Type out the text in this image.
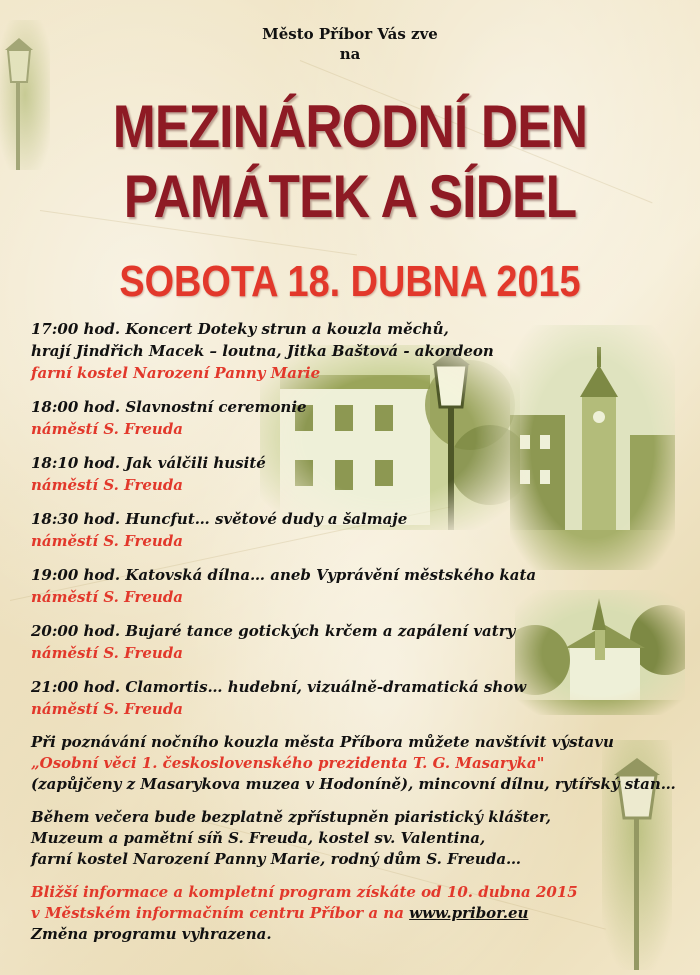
Město Příbor Vás zve
na
MEZINÁRODNÍ DEN
PAMÁTEK A SÍDEL
SOBOTA 18. DUBNA 2015
17:00 hod. Koncert Doteky strun a kouzla měchů,
hrají Jindřich Macek – loutna, Jitka Baštová - akordeon
farní kostel Narození Panny Marie
18:00 hod. Slavnostní ceremonie
náměstí S. Freuda
18:10 hod. Jak válčili husité
náměstí S. Freuda
18:30 hod. Huncfut… světové dudy a šalmaje
náměstí S. Freuda
19:00 hod. Katovská dílna… aneb Vyprávění městského kata
náměstí S. Freuda
20:00 hod. Bujaré tance gotických krčem a zapálení vatry
náměstí S. Freuda
21:00 hod. Clamortis… hudební, vizuálně-dramatická show
náměstí S. Freuda
Při poznávání nočního kouzla města Příbora můžete navštívit výstavu
„Osobní věci 1. československého prezidenta T. G. Masaryka"
(zapůjčeny z Masarykova muzea v Hodoníně), mincovní dílnu, rytířský stan…
Během večera bude bezplatně zpřístupněn piaristický klášter,
Muzeum a pamětní síň S. Freuda, kostel sv. Valentina,
farní kostel Narození Panny Marie, rodný dům S. Freuda…
Bližší informace a kompletní program získáte od 10. dubna 2015
v Městském informačním centru Příbor a na www.pribor.eu
Změna programu vyhrazena.
